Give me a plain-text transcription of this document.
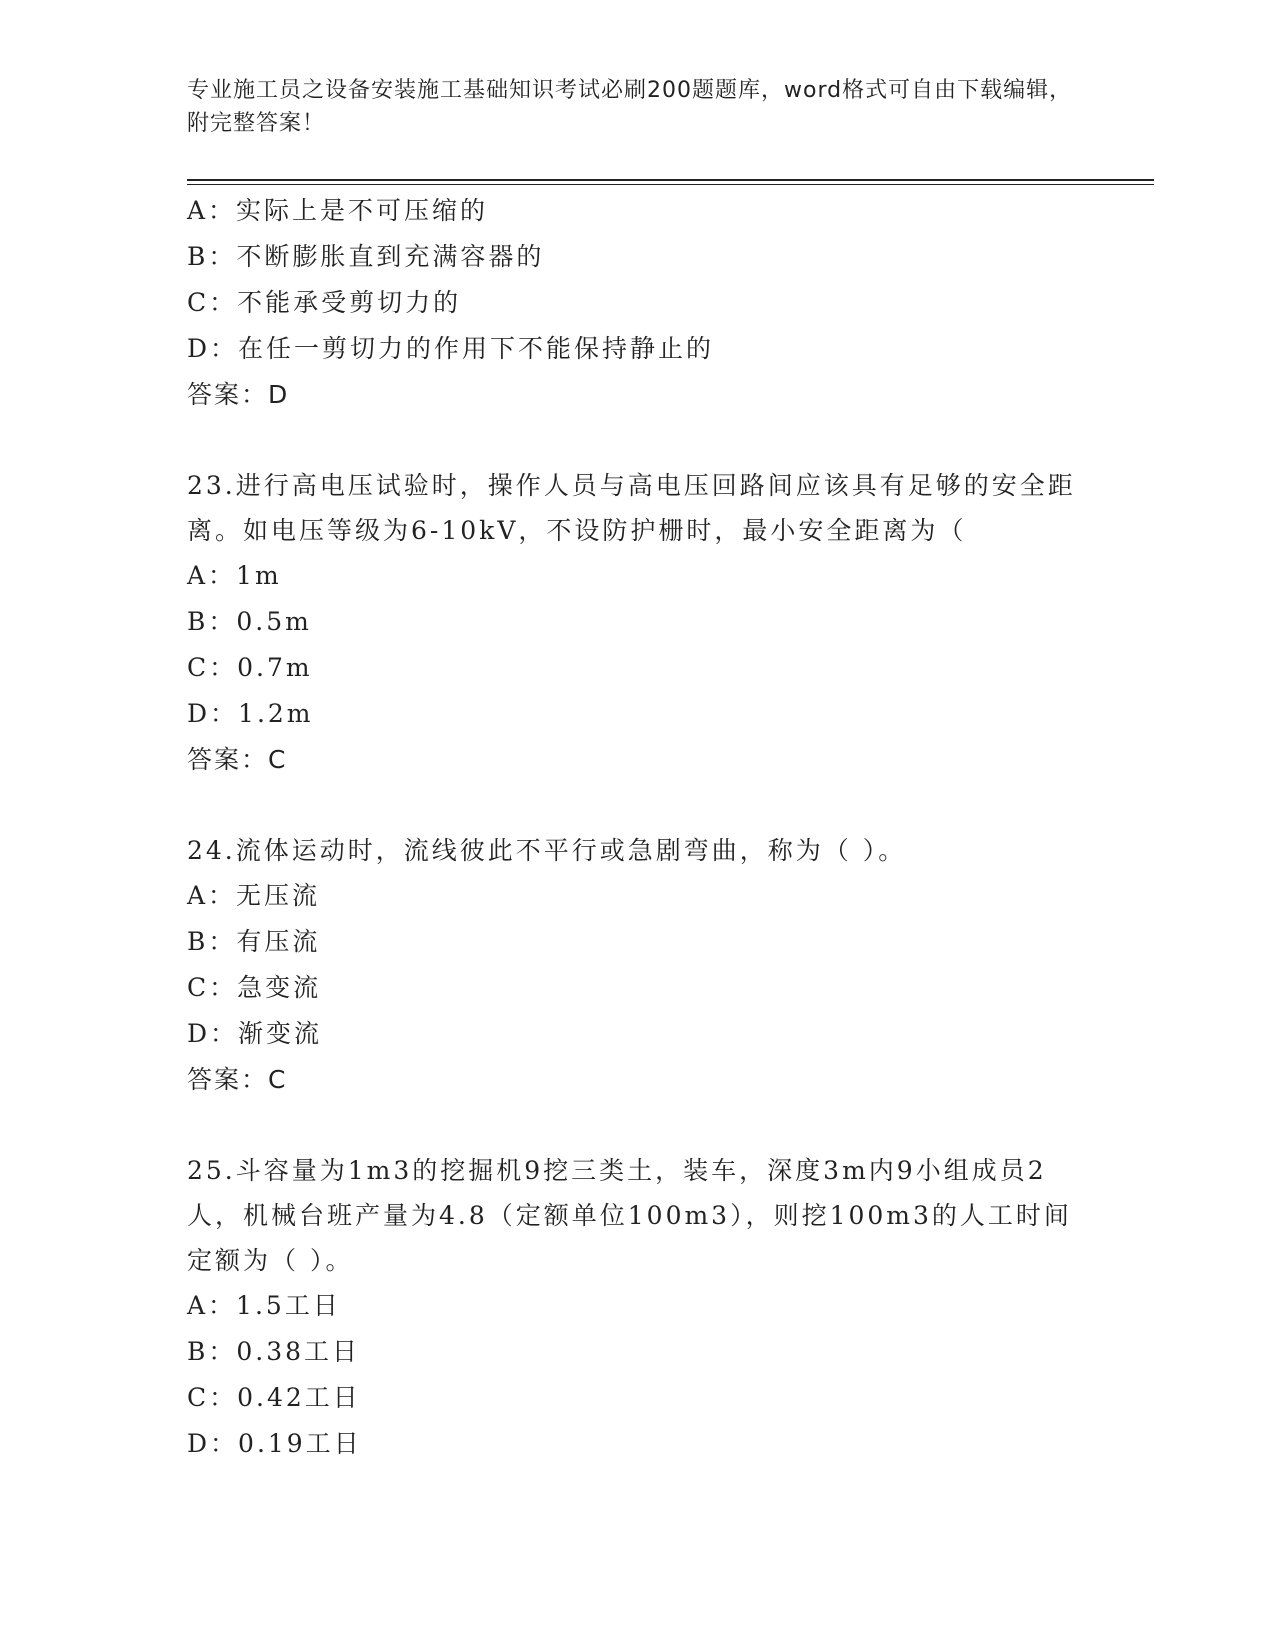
专业施工员之设备安装施工基础知识考试必刷200题题库，word格式可自由下载编辑，附完整答案！
A：实际上是不可压缩的
B：不断膨胀直到充满容器的
C：不能承受剪切力的
D：在任一剪切力的作用下不能保持静止的
答案：D
23.进行高电压试验时，操作人员与高电压回路间应该具有足够的安全距离。如电压等级为6-10kV，不设防护栅时，最小安全距离为（
A：1m
B：0.5m
C：0.7m
D：1.2m
答案：C
24.流体运动时，流线彼此不平行或急剧弯曲，称为（ ）。
A：无压流
B：有压流
C：急变流
D：渐变流
答案：C
25.斗容量为1m3的挖掘机9挖三类土，装车，深度3m内9小组成员2人，机械台班产量为4.8（定额单位100m3），则挖100m3的人工时间定额为（ ）。
A：1.5工日
B：0.38工日
C：0.42工日
D：0.19工日
